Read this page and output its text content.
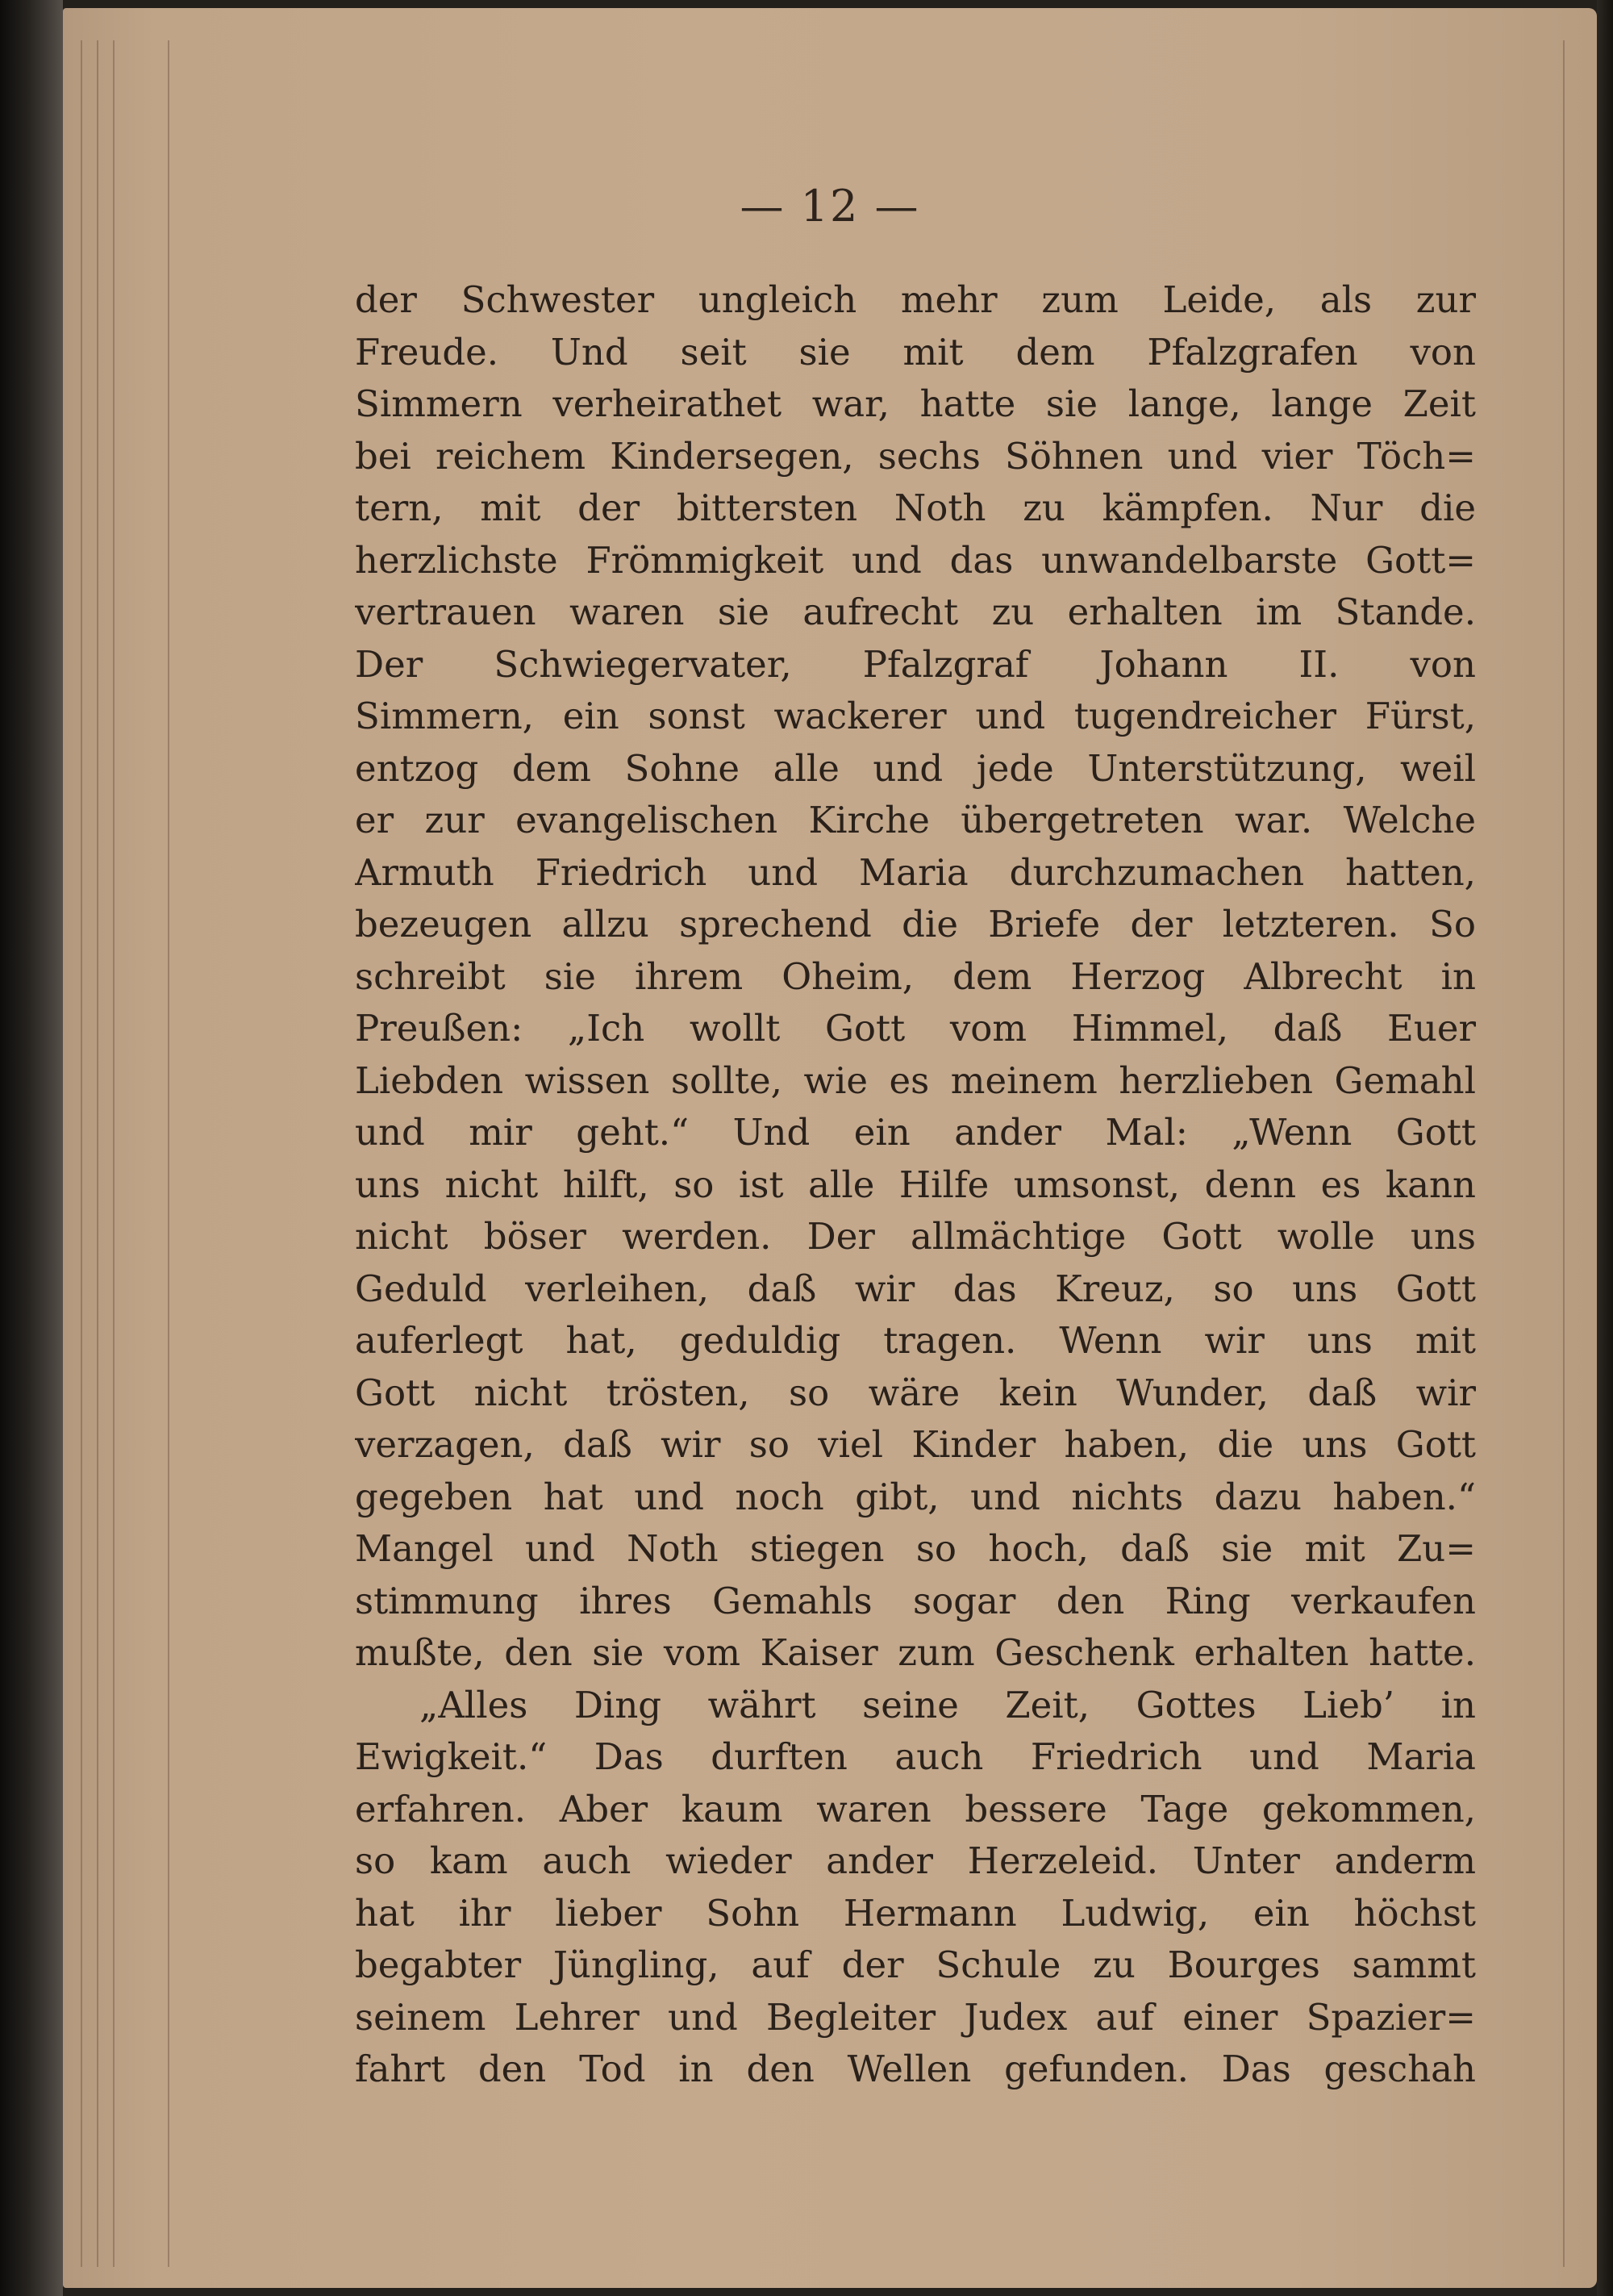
— 12 —
der Schwester ungleich mehr zum Leide, als zur
Freude. Und seit sie mit dem Pfalzgrafen von
Simmern verheirathet war, hatte sie lange, lange Zeit
bei reichem Kindersegen, sechs Söhnen und vier Töch=
tern, mit der bittersten Noth zu kämpfen. Nur die
herzlichste Frömmigkeit und das unwandelbarste Gott=
vertrauen waren sie aufrecht zu erhalten im Stande.
Der Schwiegervater, Pfalzgraf Johann II. von
Simmern, ein sonst wackerer und tugendreicher Fürst,
entzog dem Sohne alle und jede Unterstützung, weil
er zur evangelischen Kirche übergetreten war. Welche
Armuth Friedrich und Maria durchzumachen hatten,
bezeugen allzu sprechend die Briefe der letzteren. So
schreibt sie ihrem Oheim, dem Herzog Albrecht in
Preußen: „Ich wollt Gott vom Himmel, daß Euer
Liebden wissen sollte, wie es meinem herzlieben Gemahl
und mir geht.“ Und ein ander Mal: „Wenn Gott
uns nicht hilft, so ist alle Hilfe umsonst, denn es kann
nicht böser werden. Der allmächtige Gott wolle uns
Geduld verleihen, daß wir das Kreuz, so uns Gott
auferlegt hat, geduldig tragen. Wenn wir uns mit
Gott nicht trösten, so wäre kein Wunder, daß wir
verzagen, daß wir so viel Kinder haben, die uns Gott
gegeben hat und noch gibt, und nichts dazu haben.“
Mangel und Noth stiegen so hoch, daß sie mit Zu=
stimmung ihres Gemahls sogar den Ring verkaufen
mußte, den sie vom Kaiser zum Geschenk erhalten hatte.
„Alles Ding währt seine Zeit, Gottes Lieb’ in
Ewigkeit.“ Das durften auch Friedrich und Maria
erfahren. Aber kaum waren bessere Tage gekommen,
so kam auch wieder ander Herzeleid. Unter anderm
hat ihr lieber Sohn Hermann Ludwig, ein höchst
begabter Jüngling, auf der Schule zu Bourges sammt
seinem Lehrer und Begleiter Judex auf einer Spazier=
fahrt den Tod in den Wellen gefunden. Das geschah
